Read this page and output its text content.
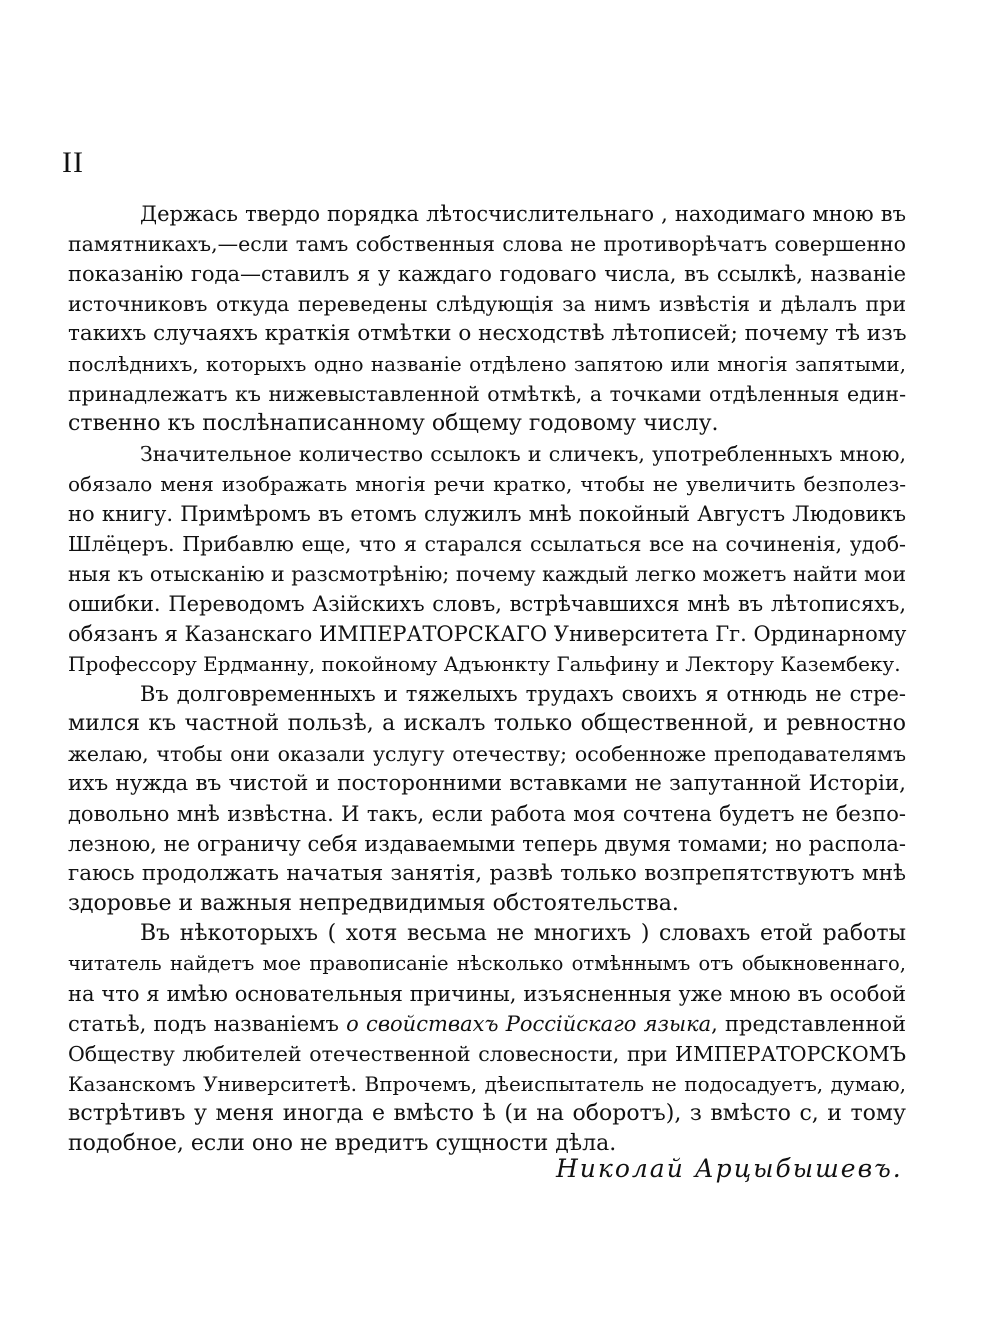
II
Держась твердо порядка лѣтосчислительнаго , находимаго мною въ
памятникахъ,—если тамъ собственныя слова не противорѣчатъ совершенно
показанію года—ставилъ я у каждаго годоваго числа, въ ссылкѣ, названіе
источниковъ откуда переведены слѣдующія за нимъ извѣстія и дѣлалъ при
такихъ случаяхъ краткія отмѣтки о несходствѣ лѣтописей; почему тѣ изъ
послѣднихъ, которыхъ одно названіе отдѣлено запятою или многія запятыми,
принадлежатъ къ нижевыставленной отмѣткѣ, а точками отдѣленныя един-
ственно къ послѣнаписанному общему годовому числу.
Значительное количество ссылокъ и сличекъ, употребленныхъ мною,
обязало меня изображать многія речи кратко, чтобы не увеличить безполез-
но книгу. Примѣромъ въ етомъ служилъ мнѣ покойный Августъ Людовикъ
Шлёцеръ. Прибавлю еще, что я старался ссылаться все на сочиненія, удоб-
ныя къ отысканію и разсмотрѣнію; почему каждый легко можетъ найти мои
ошибки. Переводомъ Азійскихъ словъ, встрѣчавшихся мнѣ въ лѣтописяхъ,
обязанъ я Казанскаго ИМПЕРАТОРСКАГО Университета Гг. Ординарному
Профессору Ердманну, покойному Адъюнкту Гальфину и Лектору Казембеку.
Въ долговременныхъ и тяжелыхъ трудахъ своихъ я отнюдь не стре-
мился къ частной пользѣ, а искалъ только общественной, и ревностно
желаю, чтобы они оказали услугу отечеству; особенноже преподавателямъ
ихъ нужда въ чистой и посторонними вставками не запутанной Исторіи,
довольно мнѣ извѣстна. И такъ, если работа моя сочтена будетъ не безпо-
лезною, не ограничу себя издаваемыми теперь двумя томами; но распола-
гаюсь продолжать начатыя занятія, развѣ только возпрепятствуютъ мнѣ
здоровье и важныя непредвидимыя обстоятельства.
Въ нѣкоторыхъ ( хотя весьма не многихъ ) словахъ етой работы
читатель найдетъ мое правописаніе нѣсколько отмѣннымъ отъ обыкновеннаго,
на что я имѣю основательныя причины, изъясненныя уже мною въ особой
статьѣ, подъ названіемъ о свойствахъ Россійскаго языка, представленной
Обществу любителей отечественной словесности, при ИМПЕРАТОРСКОМЪ
Казанскомъ Университетѣ. Впрочемъ, дѣеиспытатель не подосадуетъ, думаю,
встрѣтивъ у меня иногда е вмѣсто ѣ (и на оборотъ), з вмѣсто с, и тому
подобное, если оно не вредитъ сущности дѣла.
Николай Арцыбышевъ.
